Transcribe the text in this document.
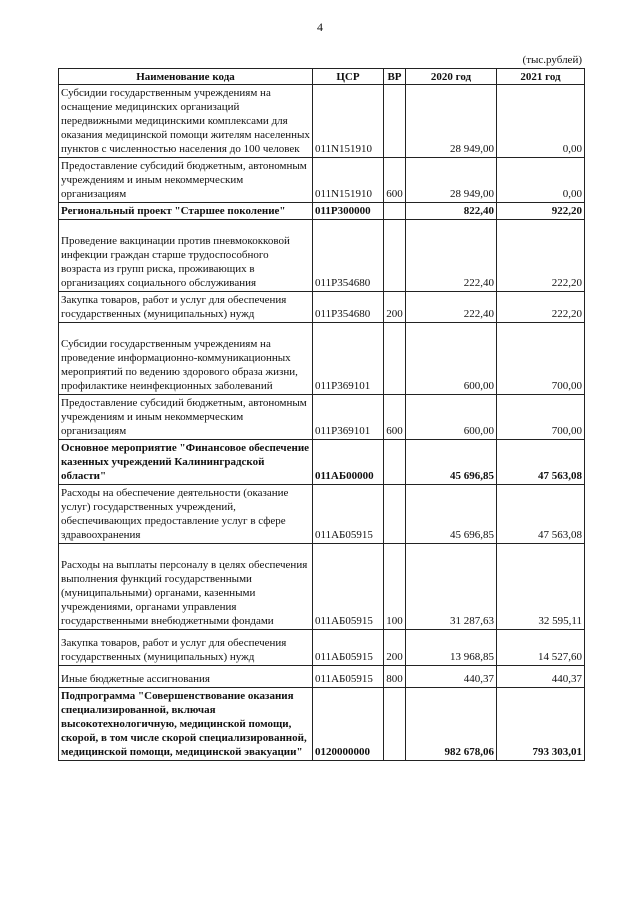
4
(тыс.рублей)
Наименование кода	ЦСР	ВР	2020 год	2021 год
Субсидии государственным учреждениям на оснащение медицинских организаций передвижными медицинскими комплексами для оказания медицинской помощи жителям населенных пунктов с численностью населения до 100 человек	011N151910		28 949,00	0,00
Предоставление субсидий бюджетным, автономным учреждениям и иным некоммерческим организациям	011N151910	600	28 949,00	0,00
Региональный проект "Старшее поколение"	011P300000		822,40	922,20
Проведение вакцинации против пневмококковой инфекции граждан старше трудоспособного возраста из групп риска, проживающих в организациях социального обслуживания	011P354680		222,40	222,20
Закупка товаров, работ и услуг для обеспечения государственных (муниципальных) нужд	011P354680	200	222,40	222,20
Субсидии государственным учреждениям на проведение информационно-коммуникационных мероприятий по ведению здорового образа жизни, профилактике неинфекционных заболеваний	011P369101		600,00	700,00
Предоставление субсидий бюджетным, автономным учреждениям и иным некоммерческим организациям	011P369101	600	600,00	700,00
Основное мероприятие "Финансовое обеспечение казенных учреждений Калининградской области"	011АБ00000		45 696,85	47 563,08
Расходы на обеспечение деятельности (оказание услуг) государственных учреждений, обеспечивающих предоставление услуг в сфере здравоохранения	011АБ05915		45 696,85	47 563,08
Расходы на выплаты персоналу в целях обеспечения выполнения функций государственными (муниципальными) органами, казенными учреждениями, органами управления государственными внебюджетными фондами	011АБ05915	100	31 287,63	32 595,11
Закупка товаров, работ и услуг для обеспечения государственных (муниципальных) нужд	011АБ05915	200	13 968,85	14 527,60
Иные бюджетные ассигнования	011АБ05915	800	440,37	440,37
Подпрограмма "Совершенствование оказания специализированной, включая высокотехнологичную, медицинской помощи, скорой, в том числе скорой специализированной, медицинской помощи, медицинской эвакуации"	0120000000		982 678,06	793 303,01
